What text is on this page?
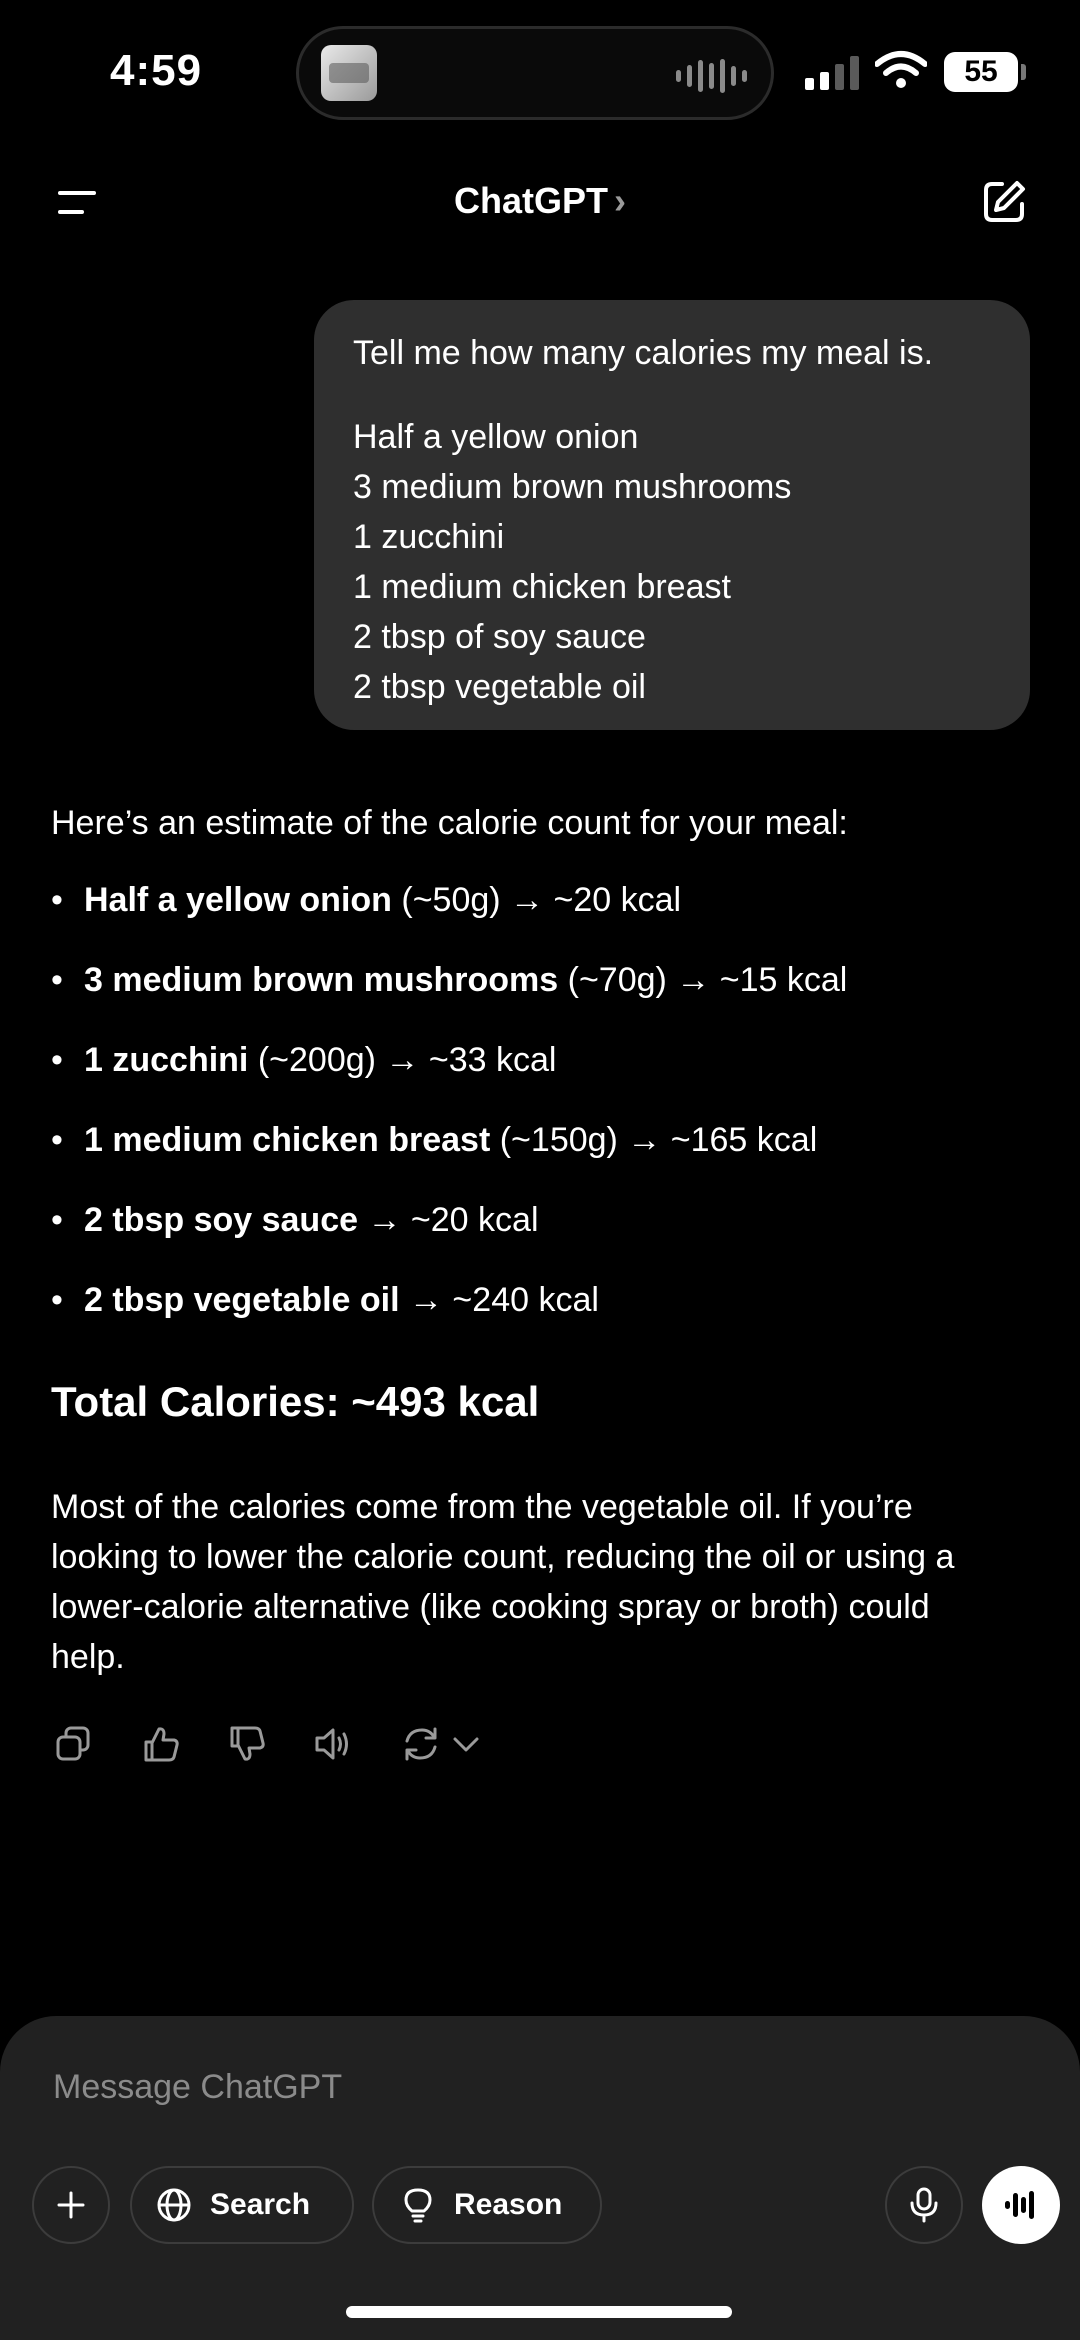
4:59	55
ChatGPT ›
Tell me how many calories my meal is.
Half a yellow onion
3 medium brown mushrooms
1 zucchini
1 medium chicken breast
2 tbsp of soy sauce
2 tbsp vegetable oil
Here’s an estimate of the calorie count for your meal:
• Half a yellow onion (~50g) → ~20 kcal
• 3 medium brown mushrooms (~70g) → ~15 kcal
• 1 zucchini (~200g) → ~33 kcal
• 1 medium chicken breast (~150g) → ~165 kcal
• 2 tbsp soy sauce → ~20 kcal
• 2 tbsp vegetable oil → ~240 kcal
Total Calories: ~493 kcal
Most of the calories come from the vegetable oil. If you’re looking to lower the calorie count, reducing the oil or using a lower-calorie alternative (like cooking spray or broth) could help.
Message ChatGPT
Search	Reason
